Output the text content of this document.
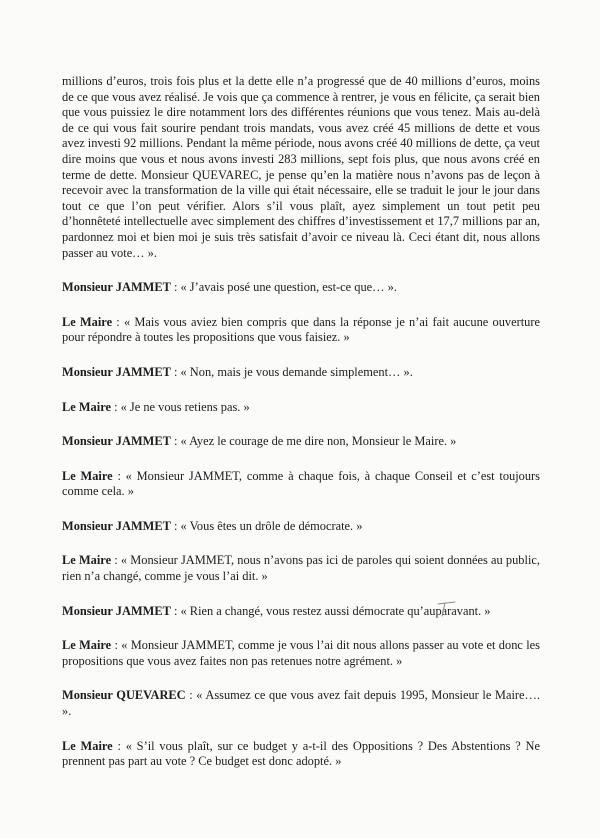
millions d’euros, trois fois plus et la dette elle n’a progressé que de 40 millions d’euros, moins de ce que vous avez réalisé. Je vois que ça commence à rentrer, je vous en félicite, ça serait bien que vous puissiez le dire notamment lors des différentes réunions que vous tenez. Mais au-delà de ce qui vous fait sourire pendant trois mandats, vous avez créé 45 millions de dette et vous avez investi 92 millions. Pendant la même période, nous avons créé 40 millions de dette, ça veut dire moins que vous et nous avons investi 283 millions, sept fois plus, que nous avons créé en terme de dette. Monsieur QUEVAREC, je pense qu’en la matière nous n’avons pas de leçon à recevoir avec la transformation de la ville qui était nécessaire, elle se traduit le jour le jour dans tout ce que l’on peut vérifier. Alors s’il vous plaît, ayez simplement un tout petit peu d’honnêteté intellectuelle avec simplement des chiffres d’investissement et 17,7 millions par an, pardonnez moi et bien moi je suis très satisfait d’avoir ce niveau là. Ceci étant dit, nous allons passer au vote… ».

Monsieur JAMMET : « J’avais posé une question, est-ce que… ».

Le Maire : « Mais vous aviez bien compris que dans la réponse je n’ai fait aucune ouverture pour répondre à toutes les propositions que vous faisiez. »

Monsieur JAMMET : « Non, mais je vous demande simplement… ».

Le Maire : « Je ne vous retiens pas. »

Monsieur JAMMET : « Ayez le courage de me dire non, Monsieur le Maire. »

Le Maire : « Monsieur JAMMET, comme à chaque fois, à chaque Conseil et c’est toujours comme cela. »

Monsieur JAMMET : « Vous êtes un drôle de démocrate. »

Le Maire : « Monsieur JAMMET, nous n’avons pas ici de paroles qui soient données au public, rien n’a changé, comme je vous l’ai dit. »

Monsieur JAMMET : « Rien a changé, vous restez aussi démocrate qu’auparavant. »

Le Maire : « Monsieur JAMMET, comme je vous l’ai dit nous allons passer au vote et donc les propositions que vous avez faites non pas retenues notre agrément. »

Monsieur QUEVAREC : « Assumez ce que vous avez fait depuis 1995, Monsieur le Maire…. ».

Le Maire : « S’il vous plaît, sur ce budget y a-t-il des Oppositions ? Des Abstentions ? Ne prennent pas part au vote ? Ce budget est donc adopté. »
